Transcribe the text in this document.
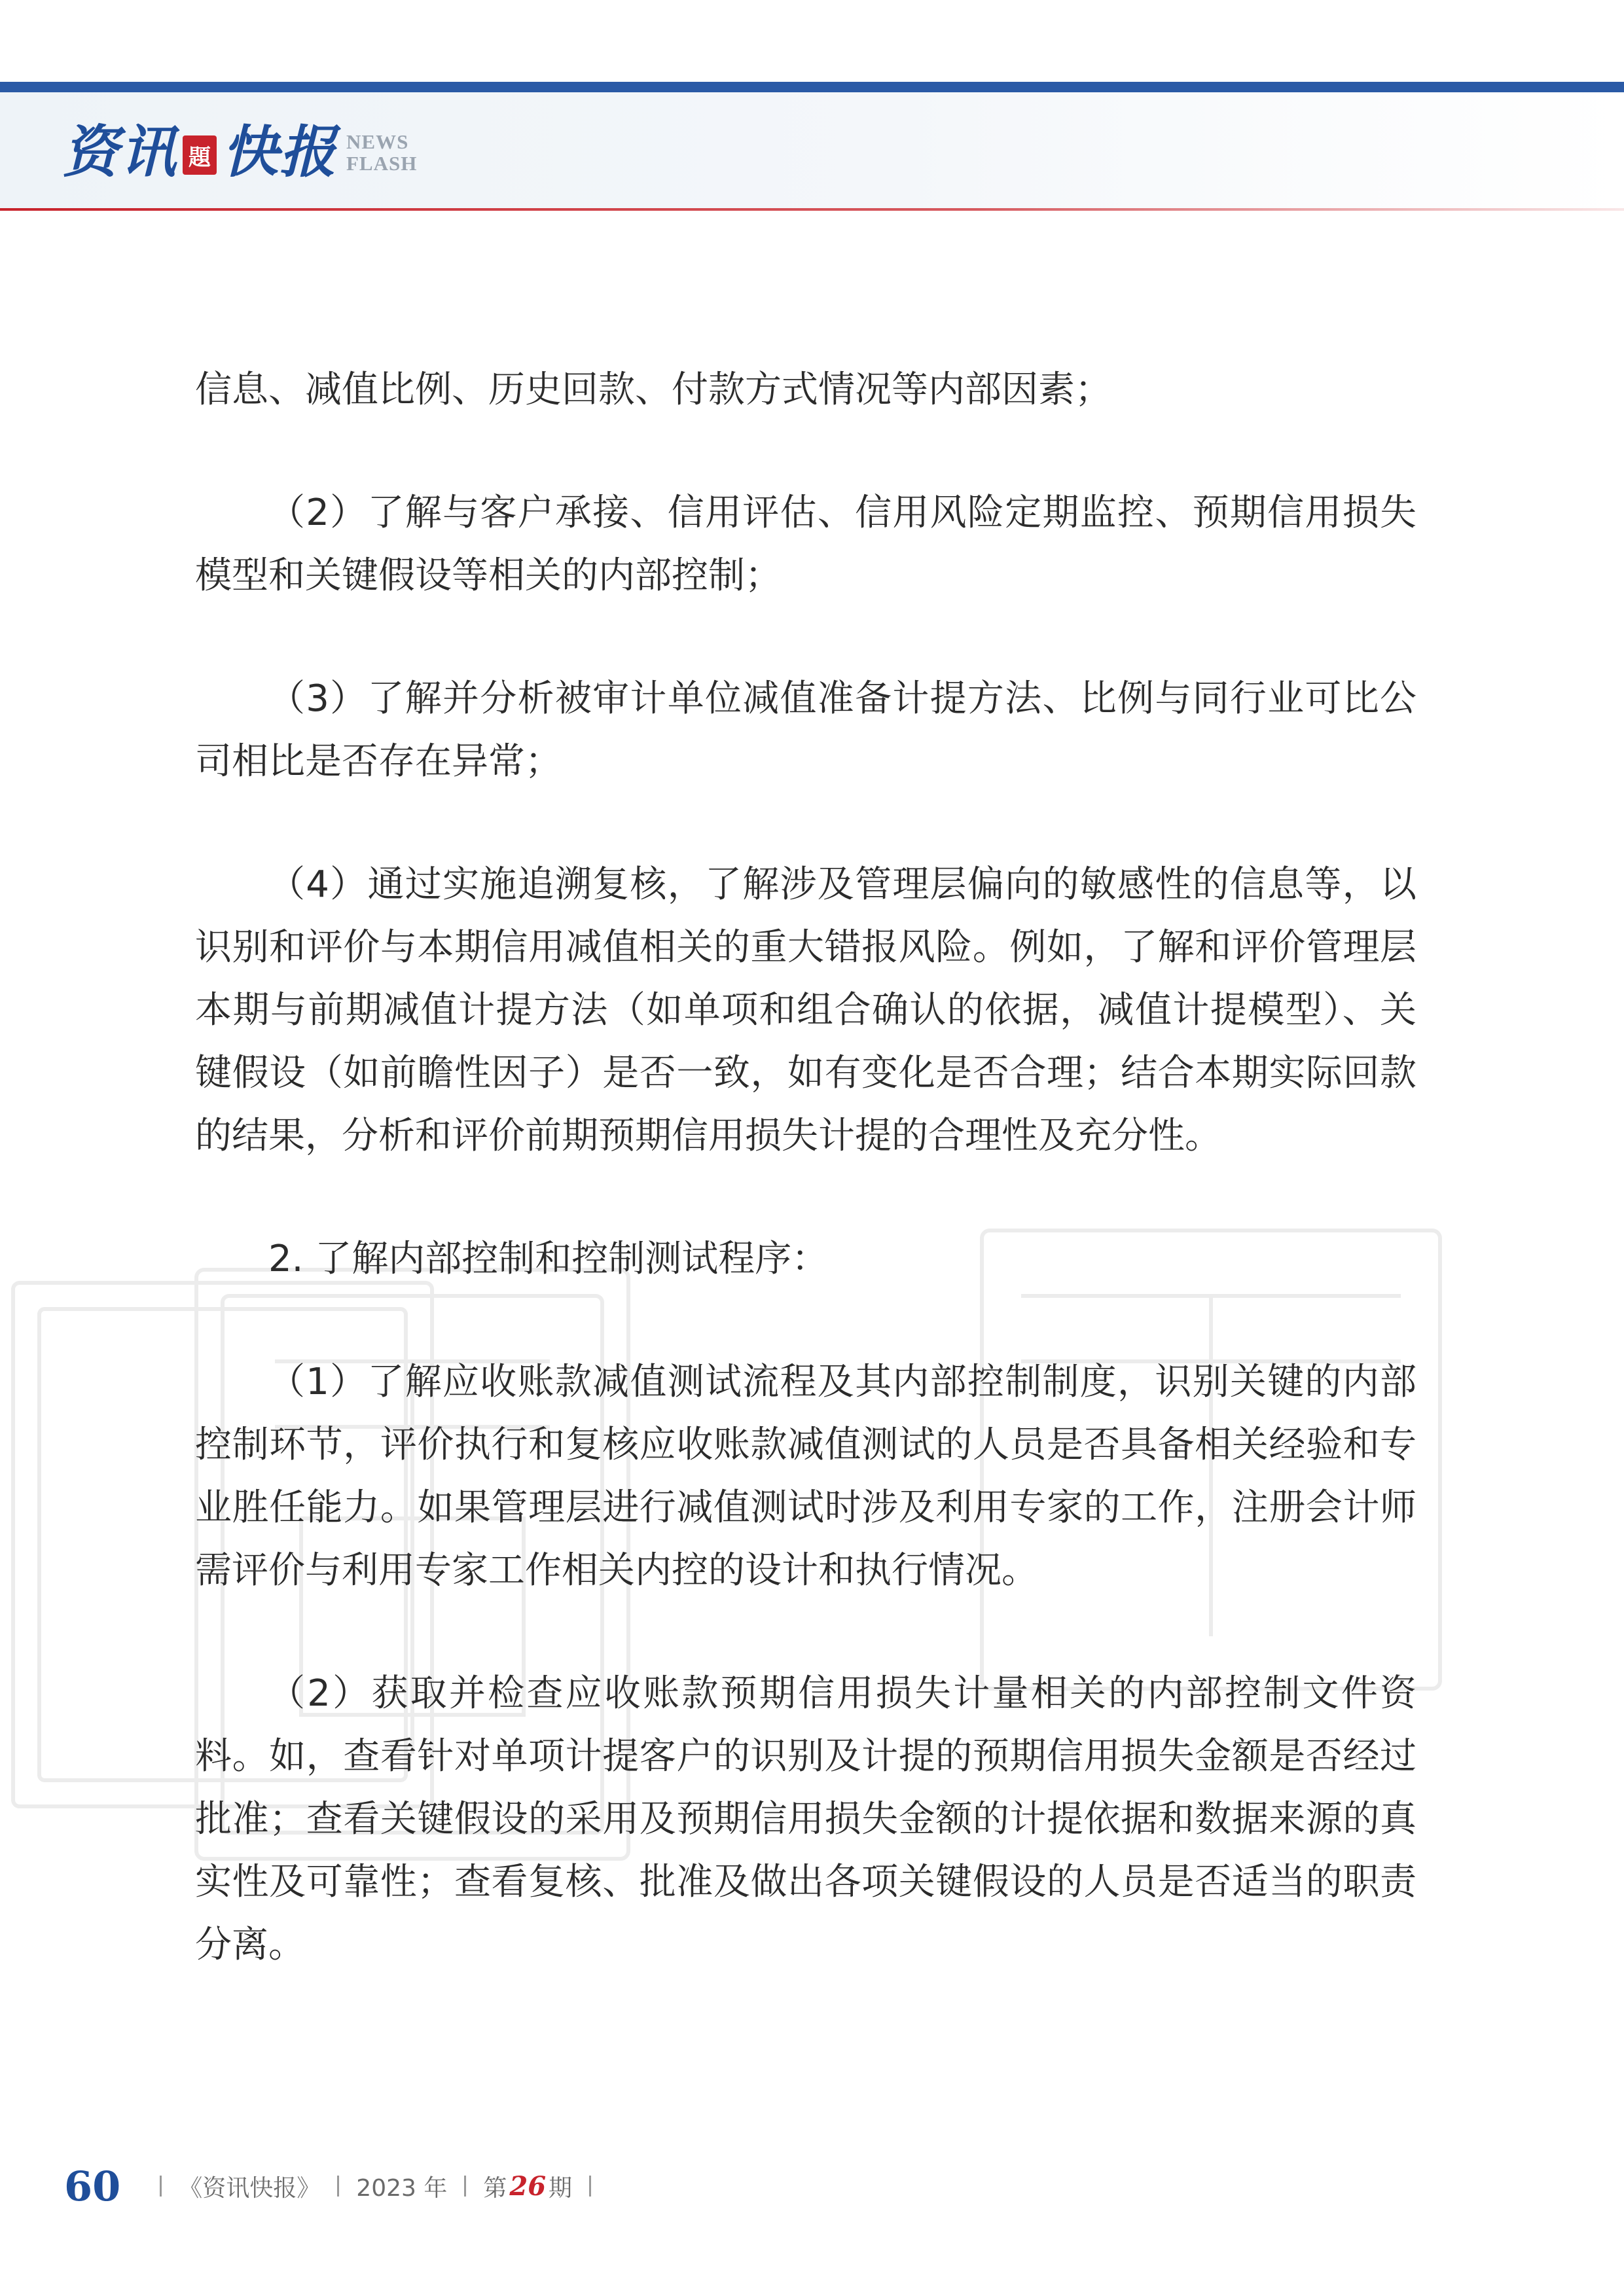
资讯 題 快报 NEWS
FLASH

信息、减值比例、历史回款、付款方式情况等内部因素；

（2）了解与客户承接、信用评估、信用风险定期监控、预期信用损失模型和关键假设等相关的内部控制；

（3）了解并分析被审计单位减值准备计提方法、比例与同行业可比公司相比是否存在异常；

（4）通过实施追溯复核，了解涉及管理层偏向的敏感性的信息等，以识别和评价与本期信用减值相关的重大错报风险。例如，了解和评价管理层本期与前期减值计提方法（如单项和组合确认的依据，减值计提模型）、关键假设（如前瞻性因子）是否一致，如有变化是否合理；结合本期实际回款的结果，分析和评价前期预期信用损失计提的合理性及充分性。

2. 了解内部控制和控制测试程序：

（1）了解应收账款减值测试流程及其内部控制制度，识别关键的内部控制环节，评价执行和复核应收账款减值测试的人员是否具备相关经验和专业胜任能力。如果管理层进行减值测试时涉及利用专家的工作，注册会计师需评价与利用专家工作相关内控的设计和执行情况。

（2）获取并检查应收账款预期信用损失计量相关的内部控制文件资料。如，查看针对单项计提客户的识别及计提的预期信用损失金额是否经过批准；查看关键假设的采用及预期信用损失金额的计提依据和数据来源的真实性及可靠性；查看复核、批准及做出各项关键假设的人员是否适当的职责分离。

60 《资讯快报》 2023 年 第 26 期
